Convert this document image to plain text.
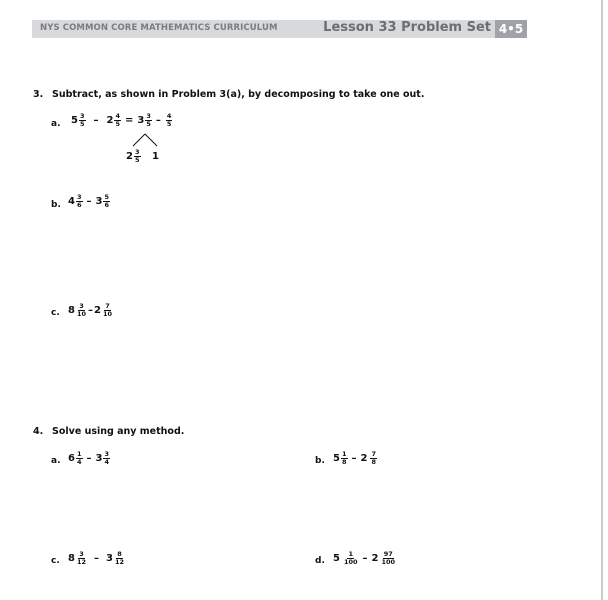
NYS COMMON CORE MATHEMATICS CURRICULUM	Lesson 33 Problem Set 4•5
3. Subtract, as shown in Problem 3(a), by decomposing to take one out.
a. $5 \frac{3}{5} - 2 \frac{4}{5} = 3 \frac{3}{5} - \frac{4}{5}$
$2 \frac{3}{5} 1$
b. $4 \frac{3}{6} - 3 \frac{5}{6}$
c. $8 \frac{3}{10} - 2 \frac{7}{10}$
4. Solve using any method.
a. $6 \frac{1}{4} - 3 \frac{3}{4}$	b. $5 \frac{1}{8} - 2 \frac{7}{8}$
c. $8 \frac{3}{12} - 3 \frac{8}{12}$	d. $5 \frac{1}{100} - 2 \frac{97}{100}$
